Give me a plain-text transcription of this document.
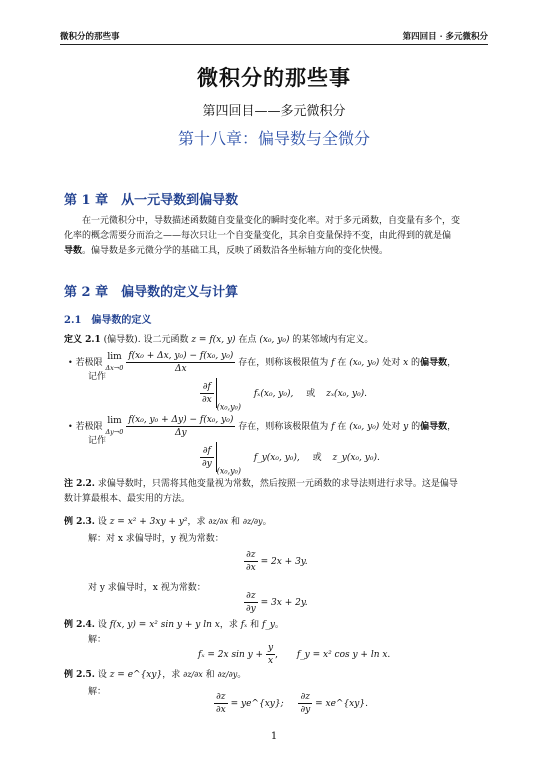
微积分的那些事	第四回目 · 多元微积分
微积分的那些事
第四回目——多元微积分
第十八章：偏导数与全微分
第 1 章　从一元导数到偏导数
在一元微积分中，导数描述函数随自变量变化的瞬时变化率。对于多元函数，自变量有多个，变
化率的概念需要分而治之——每次只让一个自变量变化，其余自变量保持不变，由此得到的就是偏
导数。偏导数是多元微分学的基础工具，反映了函数沿各坐标轴方向的变化快慢。
第 2 章　偏导数的定义与计算
2.1　偏导数的定义
定义 2.1 (偏导数). 设二元函数 z = f(x, y) 在点 (x₀, y₀) 的某邻域内有定义。
• 若极限 lim
Δx→0
$\frac{\text{f(x₀ + Δx, y₀) − f(x₀, y₀)}}{\Delta x}$ 存在，则称该极限值为 f 在 (x₀, y₀) 处对 x 的偏导数，
记作
$\frac{\partial f}{\partial x}$
(x₀,y₀) fₓ(x₀, y₀), 或 zₓ(x₀, y₀).
• 若极限 lim
Δy→0
$\frac{\text{f(x₀, y₀ + Δy) − f(x₀, y₀)}}{\Delta y}$ 存在，则称该极限值为 f 在 (x₀, y₀) 处对 y 的偏导数，
记作
$\frac{\partial f}{\partial y}$
(x₀,y₀) f_y(x₀, y₀), 或 z_y(x₀, y₀).
注 2.2. 求偏导数时，只需将其他变量视为常数，然后按照一元函数的求导法则进行求导。这是偏导
数计算最根本、最实用的方法。
例 2.3. 设 z = x² + 3xy + y²，求 ∂z/∂x 和 ∂z/∂y。
解：对 x 求偏导时，y 视为常数：
$\frac{\partial z}{\partial x} = 2x + 3y$.
对 y 求偏导时，x 视为常数：
$\frac{\partial z}{\partial y} = 3x + 2y$.
例 2.4. 设 f(x, y) = x² sin y + y ln x，求 fₓ 和 f_y。
解：
fₓ = 2x $\sin y + \frac{y}{x}$ , f_y = x² cos y + ln x.
例 2.5. 设 z = e^{xy}，求 ∂z/∂x 和 ∂z/∂y。
解：	$\frac{\partial z}{\partial x}$ = ye^{xy}; $\frac{\partial z}{\partial y}$ = xe^{xy}.
1
